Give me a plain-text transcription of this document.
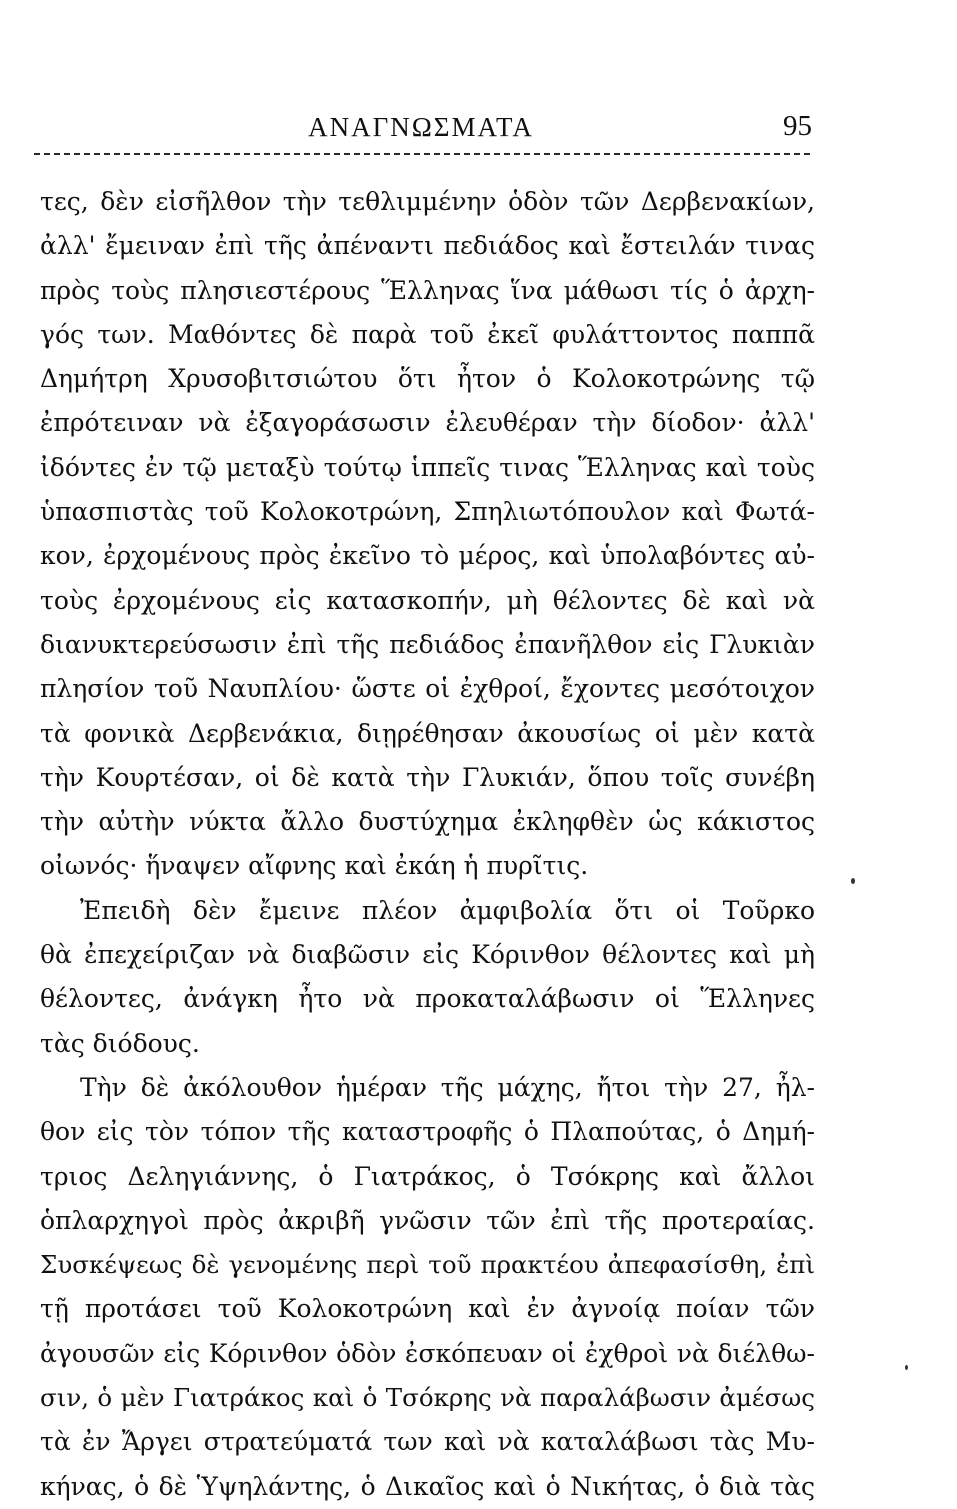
ΑΝΑΓΝΩΣΜΑΤΑ	95
τες, δὲν εἰσῆλθον τὴν τεθλιμμένην ὁδὸν τῶν Δερβενακίων,
ἀλλ' ἔμειναν ἐπὶ τῆς ἀπέναντι πεδιάδος καὶ ἔστειλάν τινας
πρὸς τοὺς πλησιεστέρους Ἕλληνας ἵνα μάθωσι τίς ὁ ἀρχη-
γός των. Μαθόντες δὲ παρὰ τοῦ ἐκεῖ φυλάττοντος παππᾶ
Δημήτρη Χρυσοβιτσιώτου ὅτι ἦτον ὁ Κολοκοτρώνης τῷ
ἐπρότειναν νὰ ἐξαγοράσωσιν ἐλευθέραν τὴν δίοδον· ἀλλ'
ἰδόντες ἐν τῷ μεταξὺ τούτῳ ἱππεῖς τινας Ἕλληνας καὶ τοὺς
ὑπασπιστὰς τοῦ Κολοκοτρώνη, Σπηλιωτόπουλον καὶ Φωτά-
κον, ἐρχομένους πρὸς ἐκεῖνο τὸ μέρος, καὶ ὑπολαβόντες αὐ-
τοὺς ἐρχομένους εἰς κατασκοπήν, μὴ θέλοντες δὲ καὶ νὰ
διανυκτερεύσωσιν ἐπὶ τῆς πεδιάδος ἐπανῆλθον εἰς Γλυκιὰν
πλησίον τοῦ Ναυπλίου· ὥστε οἱ ἐχθροί, ἔχοντες μεσότοιχον
τὰ φονικὰ Δερβενάκια, διῃρέθησαν ἀκουσίως οἱ μὲν κατὰ
τὴν Κουρτέσαν, οἱ δὲ κατὰ τὴν Γλυκιάν, ὅπου τοῖς συνέβη
τὴν αὐτὴν νύκτα ἄλλο δυστύχημα ἐκληφθὲν ὡς κάκιστος
οἰωνός· ἥναψεν αἴφνης καὶ ἐκάη ἡ πυρῖτις.
Ἐπειδὴ δὲν ἔμεινε πλέον ἀμφιβολία ὅτι οἱ Τοῦρκο
θὰ ἐπεχείριζαν νὰ διαβῶσιν εἰς Κόρινθον θέλοντες καὶ μὴ
θέλοντες, ἀνάγκη ἦτο νὰ προκαταλάβωσιν οἱ Ἕλληνες
τὰς διόδους.
Τὴν δὲ ἀκόλουθον ἡμέραν τῆς μάχης, ἤτοι τὴν 27, ἦλ-
θον εἰς τὸν τόπον τῆς καταστροφῆς ὁ Πλαπούτας, ὁ Δημή-
τριος Δεληγιάννης, ὁ Γιατράκος, ὁ Τσόκρης καὶ ἄλλοι
ὁπλαρχηγοὶ πρὸς ἀκριβῆ γνῶσιν τῶν ἐπὶ τῆς προτεραίας.
Συσκέψεως δὲ γενομένης περὶ τοῦ πρακτέου ἀπεφασίσθη, ἐπὶ
τῇ προτάσει τοῦ Κολοκοτρώνη καὶ ἐν ἀγνοίᾳ ποίαν τῶν
ἀγουσῶν εἰς Κόρινθον ὁδὸν ἐσκόπευαν οἱ ἐχθροὶ νὰ διέλθω-
σιν, ὁ μὲν Γιατράκος καὶ ὁ Τσόκρης νὰ παραλάβωσιν ἀμέσως
τὰ ἐν Ἄργει στρατεύματά των καὶ νὰ καταλάβωσι τὰς Μυ-
κήνας, ὁ δὲ Ὑψηλάντης, ὁ Δικαῖος καὶ ὁ Νικήτας, ὁ διὰ τὰς
